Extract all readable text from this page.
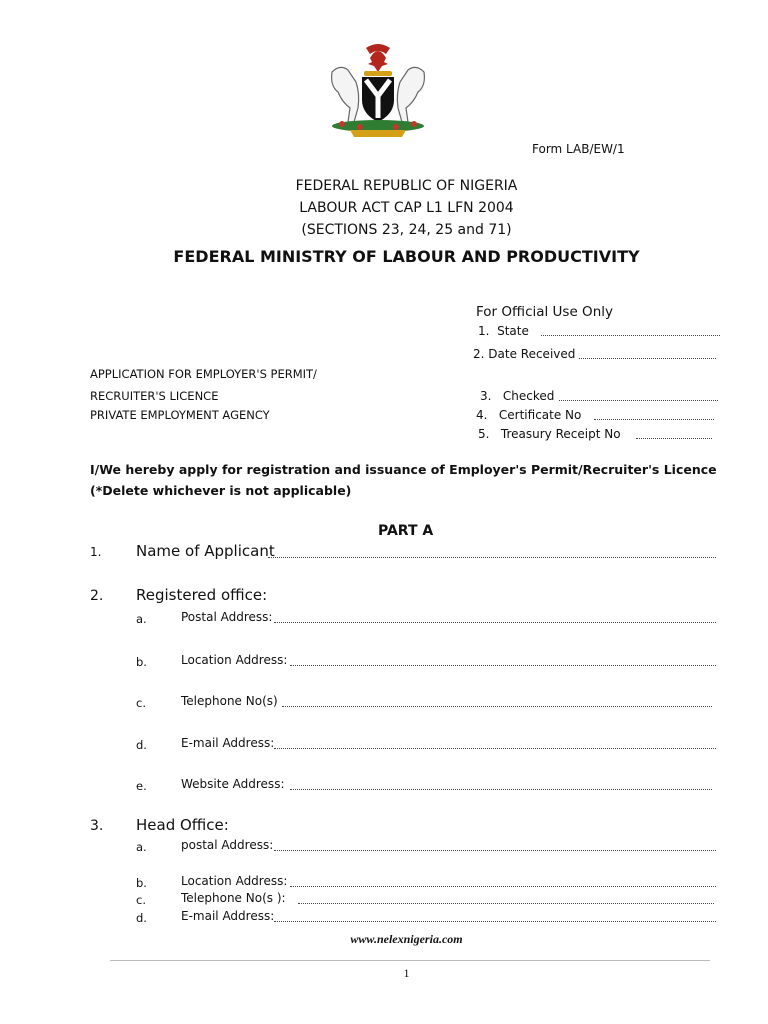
Form LAB/EW/1
FEDERAL REPUBLIC OF NIGERIA
LABOUR ACT CAP L1 LFN 2004
(SECTIONS 23, 24, 25 and 71)
FEDERAL MINISTRY OF LABOUR AND PRODUCTIVITY
For Official Use Only
1. State
2. Date Received
3. Checked
4. Certificate No
5. Treasury Receipt No
APPLICATION FOR EMPLOYER'S PERMIT/
RECRUITER'S LICENCE
PRIVATE EMPLOYMENT AGENCY
I/We hereby apply for registration and issuance of Employer's Permit/Recruiter's Licence
(*Delete whichever is not applicable)
PART A
1. Name of Applicant
2. Registered office:
a.	Postal Address:
b.	Location Address:
c.	Telephone No(s)
d.	E-mail Address:
e.	Website Address:
3. Head Office:
a.	postal Address:
b.	Location Address:
c.	Telephone No(s ):
d.	E-mail Address:
www.nelexnigeria.com
1
